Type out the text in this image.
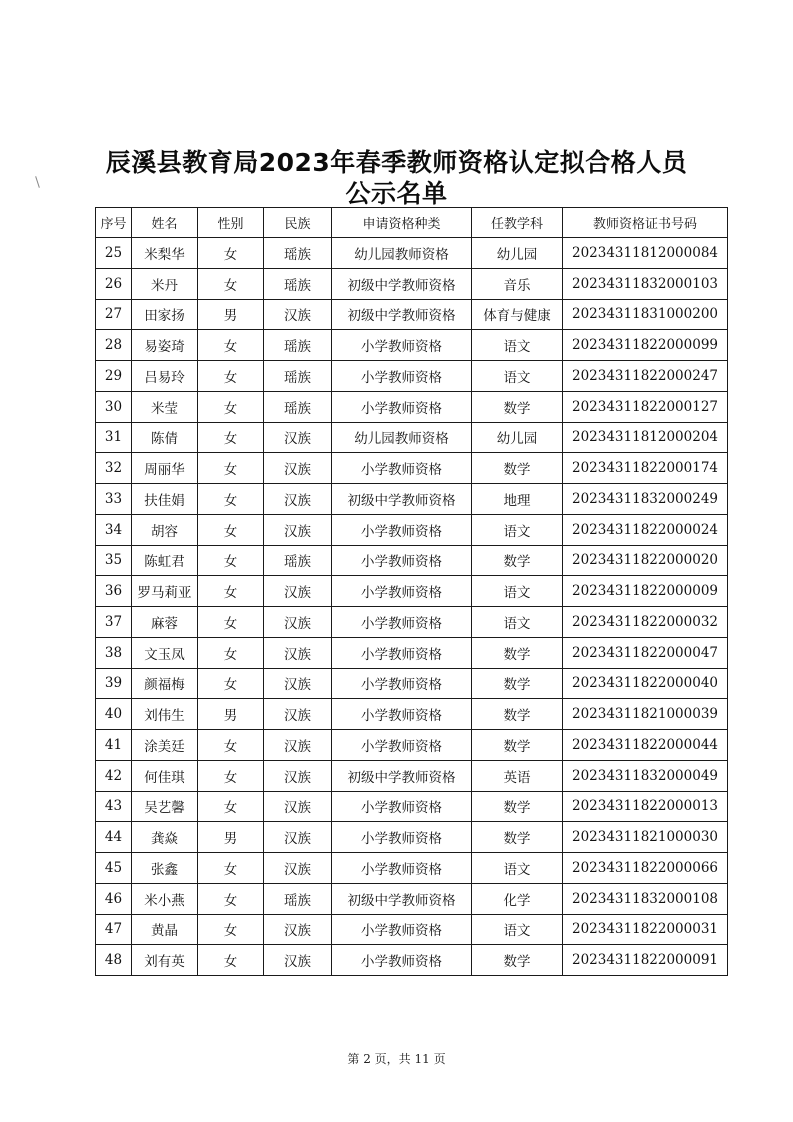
辰溪县教育局2023年春季教师资格认定拟合格人员
公示名单
序号	姓名	性别	民族	申请资格种类	任教学科	教师资格证书号码
25	米梨华	女	瑶族	幼儿园教师资格	幼儿园	20234311812000084
26	米丹	女	瑶族	初级中学教师资格	音乐	20234311832000103
27	田家扬	男	汉族	初级中学教师资格	体育与健康	20234311831000200
28	易姿琦	女	瑶族	小学教师资格	语文	20234311822000099
29	吕易玲	女	瑶族	小学教师资格	语文	20234311822000247
30	米莹	女	瑶族	小学教师资格	数学	20234311822000127
31	陈倩	女	汉族	幼儿园教师资格	幼儿园	20234311812000204
32	周丽华	女	汉族	小学教师资格	数学	20234311822000174
33	扶佳娟	女	汉族	初级中学教师资格	地理	20234311832000249
34	胡容	女	汉族	小学教师资格	语文	20234311822000024
35	陈虹君	女	瑶族	小学教师资格	数学	20234311822000020
36	罗马莉亚	女	汉族	小学教师资格	语文	20234311822000009
37	麻蓉	女	汉族	小学教师资格	语文	20234311822000032
38	文玉凤	女	汉族	小学教师资格	数学	20234311822000047
39	颜福梅	女	汉族	小学教师资格	数学	20234311822000040
40	刘伟生	男	汉族	小学教师资格	数学	20234311821000039
41	涂美廷	女	汉族	小学教师资格	数学	20234311822000044
42	何佳琪	女	汉族	初级中学教师资格	英语	20234311832000049
43	吴艺馨	女	汉族	小学教师资格	数学	20234311822000013
44	龚焱	男	汉族	小学教师资格	数学	20234311821000030
45	张鑫	女	汉族	小学教师资格	语文	20234311822000066
46	米小燕	女	瑶族	初级中学教师资格	化学	20234311832000108
47	黄晶	女	汉族	小学教师资格	语文	20234311822000031
48	刘有英	女	汉族	小学教师资格	数学	20234311822000091
第 2 页，共 11 页
